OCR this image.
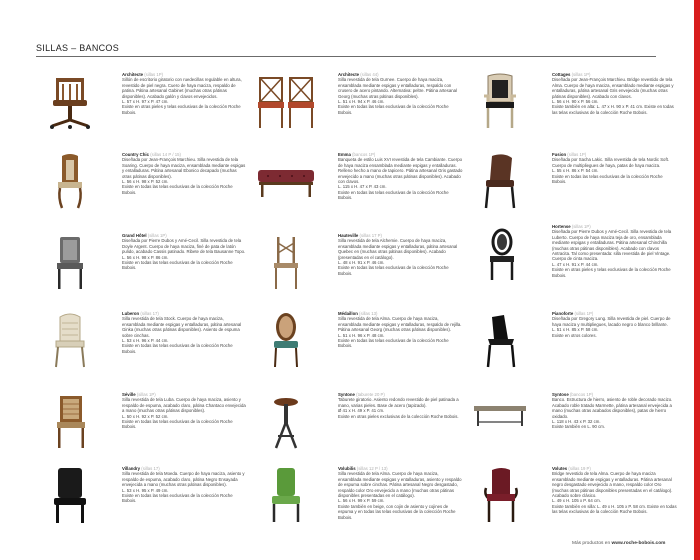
SILLAS – BANCOS
Architecte (sillas 1P)
Sillón de escritorio giratorio con ruedecillas regulable en altura, revestido de piel negra. Cuero de haya maciza, respaldo de patina. Pátina artesanal Gabinet (muchas otras pátinas disponibles). Acabado galón y clavos envejecidos.
L. 57 x H. 97 x P. 47 cm.
Existe en otras pieles y telas exclusivas de la colección Roche Bobois.
Country Chic (sillas 14 P / 15)
Diseñada por Jean-François Marchieu. Silla revestida de tela Soaring. Cuerpo de haya maciza, ensamblada mediante espigas y entalladuras. Pátina artesanal Ebonico decapado (muchas otras pátinas disponibles).
L. 56 x H. 98 x P. 52 cm.
Existe en todas las telas exclusivas de la colección Roche Bobois.
Grand Hôtel (sillas 1P)
Diseñada por Pierre Dubos y Amé-Cecil. Silla revestida de tela Doyle Argent. Cuerpo de haya maciza, finé de pata de latón pulido, acabado Cassis patinado. Ribete de tela Bausanne Topo.
L. 56 x H. 98 x P. 86 cm.
Existe en todas las telas exclusivas de la colección Roche Bobois.
Luberon (sillas 17)
Silla revestida de tela Stock. Cuerpo de haya maciza, ensamblada mediante espigas y entalladuras, pátina artesanal Ginka (muchas otras pátinas disponibles). Asiento de espuma sobre cinchas.
L. 53 x H. 96 x P. 44 cm.
Existe en todas las telas exclusivas de la colección Roche Bobois.
Séville (sillas 1P)
Silla revestida de tela Luba. Cuerpo de haya maciza, asiento y respaldo de espuma, acabado claro, pátina Chantaco envejecida a mano (muchas otras pátinas disponibles).
L. 50 x H. 92 x P. 52 cm.
Existe en todas las telas exclusivas de la colección Roche Bobois.
Villandry (sillas 17)
Silla revestida de tela Moeda. Cuerpo de haya maciza, asiento y respaldo de espuma, acabado claro, pátina Negro Ensayada envejecida a mano (muchas otras pátinas disponibles).
L. 53 x H. 95 x P. 49 cm.
Existe en todas las telas exclusivas de la colección Roche Bobois.
Architecte (sillas 44)
Silla revestida de tela Gurnee. Cuerpo de haya maciza, ensamblada mediante espigas y entalladuras, respaldo con crusero de acero pintando. Alternativa: peltre. Pátina artesanal Georg (muchas otras pátinas disponibles).
L. 51 x H. 94 x P. 46 cm.
Existe en todas las telas exclusivas de la colección Roche Bobois.
Emma (bancos 1P)
Banqueta de estilo Luis XVI revestida de tela Cambiante. Cuerpo de haya maciza ensamblada mediante espigas y entalladuras. Relleno hecho a mano de tapicero. Pátina artesanal Gris gastado envejecido a mano (muchas otras pátinas disponibles). Acabado con clavos.
L. 115 x H. 47 x P. 43 cm.
Existe en todas las telas exclusivas de la colección Roche Bobois.
Hauteville (sillas 17 P)
Silla revestida de tela Alchemie. Cuerpo de haya maciza, ensamblada mediante espigas y entalladuras, pátina artesanal Quebec en (muchas otras pátinas disponibles). Acabado (presentadas en el catálogo).
L. 48 x H. 91 x P. 46 cm.
Existe en todas las telas exclusivas de la colección Roche Bobois.
Médaillon (sillas 13)
Silla revestida de tela Alma. Cuerpo de haya maciza, ensamblada mediante espigas y entalladuras, respaldo de rejilla. Pátina artesanal Georg (muchas otras pátinas disponibles).
L. 51 x H. 96 x P. 48 cm.
Existe en todas las telas exclusivas de la colección Roche Bobois.
Syntone (taburete 20 P)
Taburete giratorio. Asiento redondo revestido de piel patinada a mano, varias pieles. Base de acero (tapizado).
Ø 41 x H. 49 x P. 41 cm.
Existe en otras pieles exclusivas de la colección Roche Bobois.
Volubilis (sillas 12 P / 13)
Silla revestida de tela Alma. Cuerpo de haya maciza, ensamblada mediante espigas y entalladuras, asiento y respaldo de espuma sobre cinchas. Pátina artesanal Negro desgastado, respaldo color Oro envejecido a mano (muchas otras pátinas disponibles presentadas en el catálogo).
L. 56 x H. 99 x P. 59 cm.
Existe también en beige, con cojin de asiento y cojines de espuma y en todas las telas exclusivas de la colección Roche Bobois.
Cottages (sillas 1P)
Diseñada por Jean-François Marchieu. Bridge revestido de tela Alma. Cuerpo de haya maciza, ensamblado mediante espigas y entalladuras, pátina artesanal Gris envejecido (muchas otras pátinas disponibles). Acabado con clavos.
L. 56 x H. 90 x P. 56 cm.
Existe también en alta: L. 47 x H. 90 x P. 41 cm. Existe en todas las telas exclusivas de la colección Roche Bobois.
Fusion (sillas 1P)
Diseñada por Sacha Lakic. Silla revestida de tela Nordic Soft. Cuerpo de multipliegues de haya, patas de haya maciza.
L. 55 x H. 86 x P. 54 cm.
Existe en todas las telas exclusivas de la colección Roche Bobois.
Hortense (sillas 1P)
Diseñada por Pierre Dubos y Amé-Cecil. Silla revestida de tela Luberto. Cuerpo de haya maciza teja de oro, ensamblada mediante espigas y entalladuras. Pátina artesanal Chinchilla (muchas otras pátinas disponibles). Acabado con clavos Antracita. Tal como presentada: silla revestida de piel Vintage. Cuerpo de cinta maciza.
L. 47 x H. 91 x P. 44 cm.
Existe en otras pieles y telas exclusivas de la colección Roche Bobois.
Pianoforte (sillas 1P)
Diseñada por Gregory Lung. Silla revestida de piel. Cuerpo de haya maciza y multipliegues, lacado negro o blanco brillante.
L. 51 x H. 85 x P. 58 cm.
Existe en otros colores.
Syntose (bancos 1P)
Banco. Estructura de hierro, asiento de roble decorado macizo. Acabado roble tratado Marmette, pátina artesanal envejecida a mano (muchas otras acabados disponibles), patas de hierro oxidado.
L. 118 x H. 43 x P. 32 cm.
Existe también en L. 90 cm.
Volutes (sillas 19 P)
Bridge revestido de tela Alma. Cuerpo de haya maciza ensamblado mediante espigas y entalladuras. Pátina artesanal negro desgastado envejecido a mano, respaldo color Oro (muchas otras pátinas disponibles presentadas en el catálogo). Acabado sobre clásico.
L. 49 x H. 105 x P. 64 cm.
Existe también en silla: L. 49 x H. 105 x P. 58 cm. Existe en todas las telas exclusivas de la colección Roche Bobois.
Más productos en www.roche-bobois.com
